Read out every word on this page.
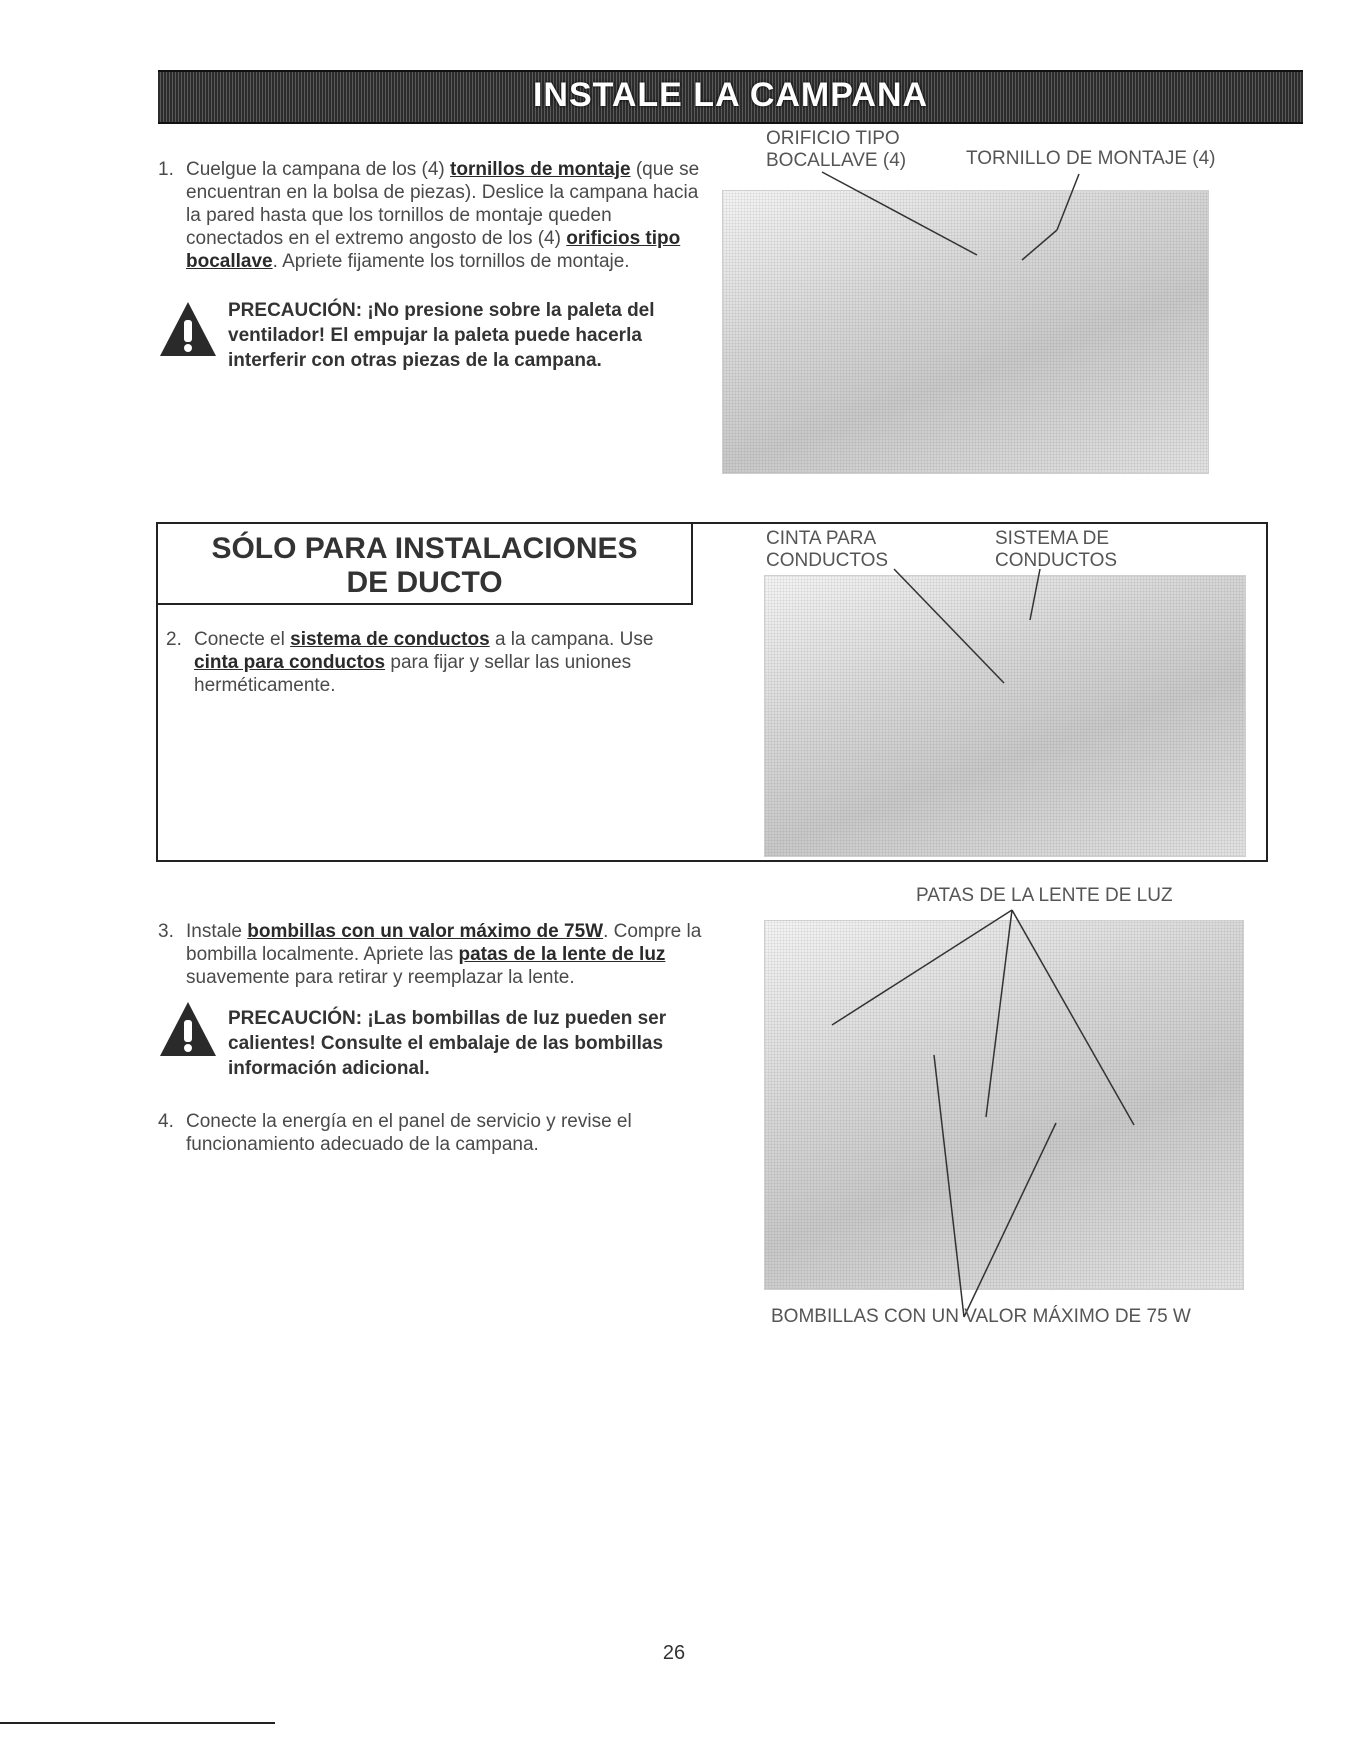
INSTALE LA CAMPANA
1. Cuelgue la campana de los (4) tornillos de montaje (que se encuentran en la bolsa de piezas). Deslice la campana hacia la pared hasta que los tornillos de montaje queden conectados en el extremo angosto de los (4) orificios tipo bocallave. Apriete fijamente los tornillos de montaje.
PRECAUCIÓN: ¡No presione sobre la paleta del ventilador! El empujar la paleta puede hacerla interferir con otras piezas de la campana.
ORIFICIO TIPO
BOCALLAVE (4)	TORNILLO DE MONTAJE (4)
SÓLO PARA INSTALACIONES
DE DUCTO
2. Conecte el sistema de conductos a la campana. Use cinta para conductos para fijar y sellar las uniones herméticamente.
CINTA PARA
CONDUCTOS
SISTEMA DE
CONDUCTOS
PATAS DE LA LENTE DE LUZ
3. Instale bombillas con un valor máximo de 75W. Compre la bombilla localmente. Apriete las patas de la lente de luz suavemente para retirar y reemplazar la lente.
PRECAUCIÓN: ¡Las bombillas de luz pueden ser calientes! Consulte el embalaje de las bombillas información adicional.
4. Conecte la energía en el panel de servicio y revise el funcionamiento adecuado de la campana.
BOMBILLAS CON UN VALOR MÁXIMO DE 75 W
26
